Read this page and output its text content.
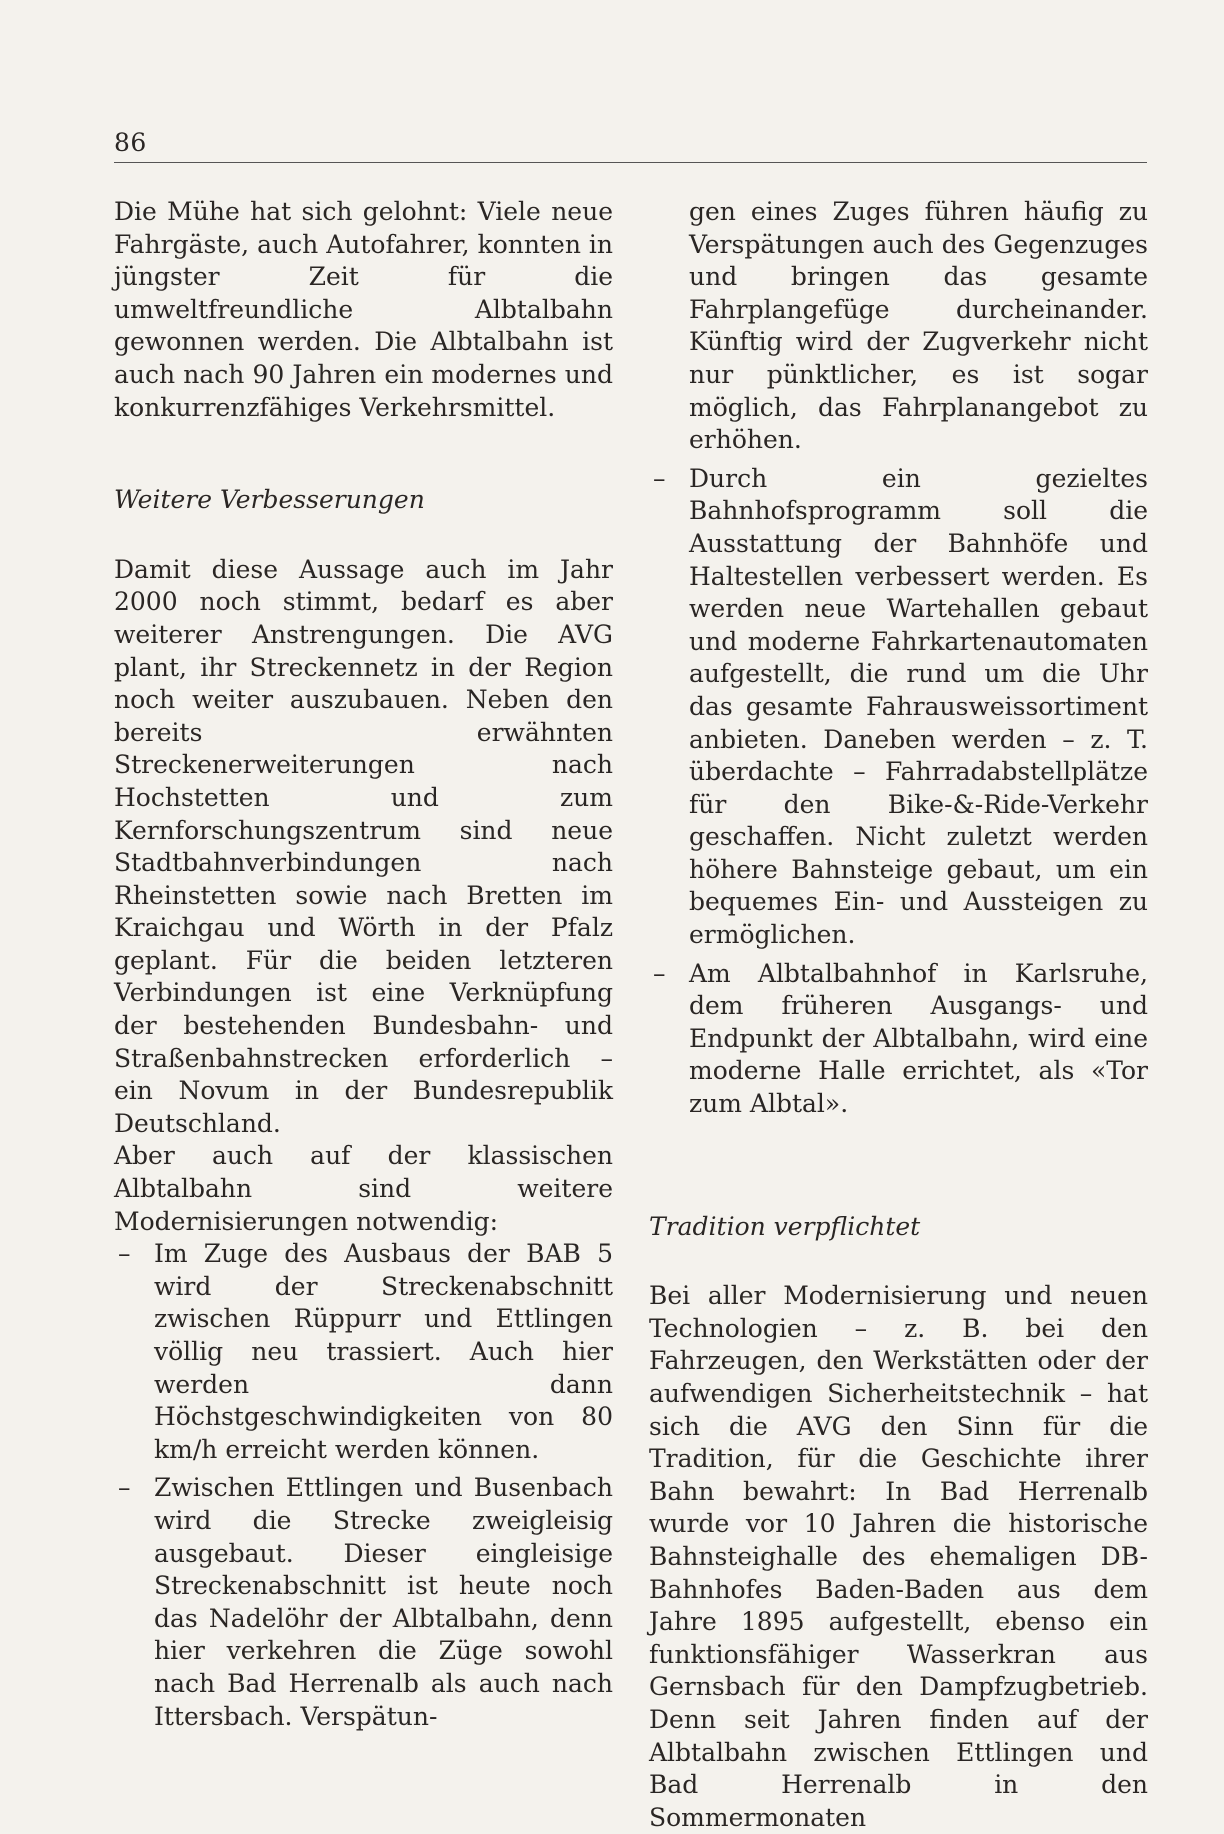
86

Die Mühe hat sich gelohnt: Viele neue Fahrgäste, auch Autofahrer, konnten in jüngster Zeit für die umweltfreundliche Albtalbahn gewonnen werden. Die Albtalbahn ist auch nach 90 Jahren ein modernes und konkurrenzfähiges Verkehrsmittel.

Weitere Verbesserungen

Damit diese Aussage auch im Jahr 2000 noch stimmt, bedarf es aber weiterer Anstrengungen. Die AVG plant, ihr Streckennetz in der Region noch weiter auszubauen. Neben den bereits erwähnten Streckenerweiterungen nach Hochstetten und zum Kernforschungszentrum sind neue Stadtbahnverbindungen nach Rheinstetten sowie nach Bretten im Kraichgau und Wörth in der Pfalz geplant. Für die beiden letzteren Verbindungen ist eine Verknüpfung der bestehenden Bundesbahn- und Straßenbahnstrecken erforderlich – ein Novum in der Bundesrepublik Deutschland.

Aber auch auf der klassischen Albtalbahn sind weitere Modernisierungen notwendig:

– Im Zuge des Ausbaus der BAB 5 wird der Streckenabschnitt zwischen Rüppurr und Ettlingen völlig neu trassiert. Auch hier werden dann Höchstgeschwindigkeiten von 80 km/h erreicht werden können.
– Zwischen Ettlingen und Busenbach wird die Strecke zweigleisig ausgebaut. Dieser eingleisige Streckenabschnitt ist heute noch das Nadelöhr der Albtalbahn, denn hier verkehren die Züge sowohl nach Bad Herrenalb als auch nach Ittersbach. Verspätun-

gen eines Zuges führen häufig zu Verspätungen auch des Gegenzuges und bringen das gesamte Fahrplangefüge durcheinander. Künftig wird der Zugverkehr nicht nur pünktlicher, es ist sogar möglich, das Fahrplanangebot zu erhöhen.

– Durch ein gezieltes Bahnhofsprogramm soll die Ausstattung der Bahnhöfe und Haltestellen verbessert werden. Es werden neue Wartehallen gebaut und moderne Fahrkartenautomaten aufgestellt, die rund um die Uhr das gesamte Fahrausweissortiment anbieten. Daneben werden – z. T. überdachte – Fahrradabstellplätze für den Bike-&-Ride-Verkehr geschaffen. Nicht zuletzt werden höhere Bahnsteige gebaut, um ein bequemes Ein- und Aussteigen zu ermöglichen.
– Am Albtalbahnhof in Karlsruhe, dem früheren Ausgangs- und Endpunkt der Albtalbahn, wird eine moderne Halle errichtet, als «Tor zum Albtal».
Tradition verpflichtet

Bei aller Modernisierung und neuen Technologien – z. B. bei den Fahrzeugen, den Werkstätten oder der aufwendigen Sicherheitstechnik – hat sich die AVG den Sinn für die Tradition, für die Geschichte ihrer Bahn bewahrt: In Bad Herrenalb wurde vor 10 Jahren die historische Bahnsteighalle des ehemaligen DB-Bahnhofes Baden-Baden aus dem Jahre 1895 aufgestellt, ebenso ein funktionsfähiger Wasserkran aus Gernsbach für den Dampfzugbetrieb. Denn seit Jahren finden auf der Albtalbahn zwischen Ettlingen und Bad Herrenalb in den Sommermonaten
